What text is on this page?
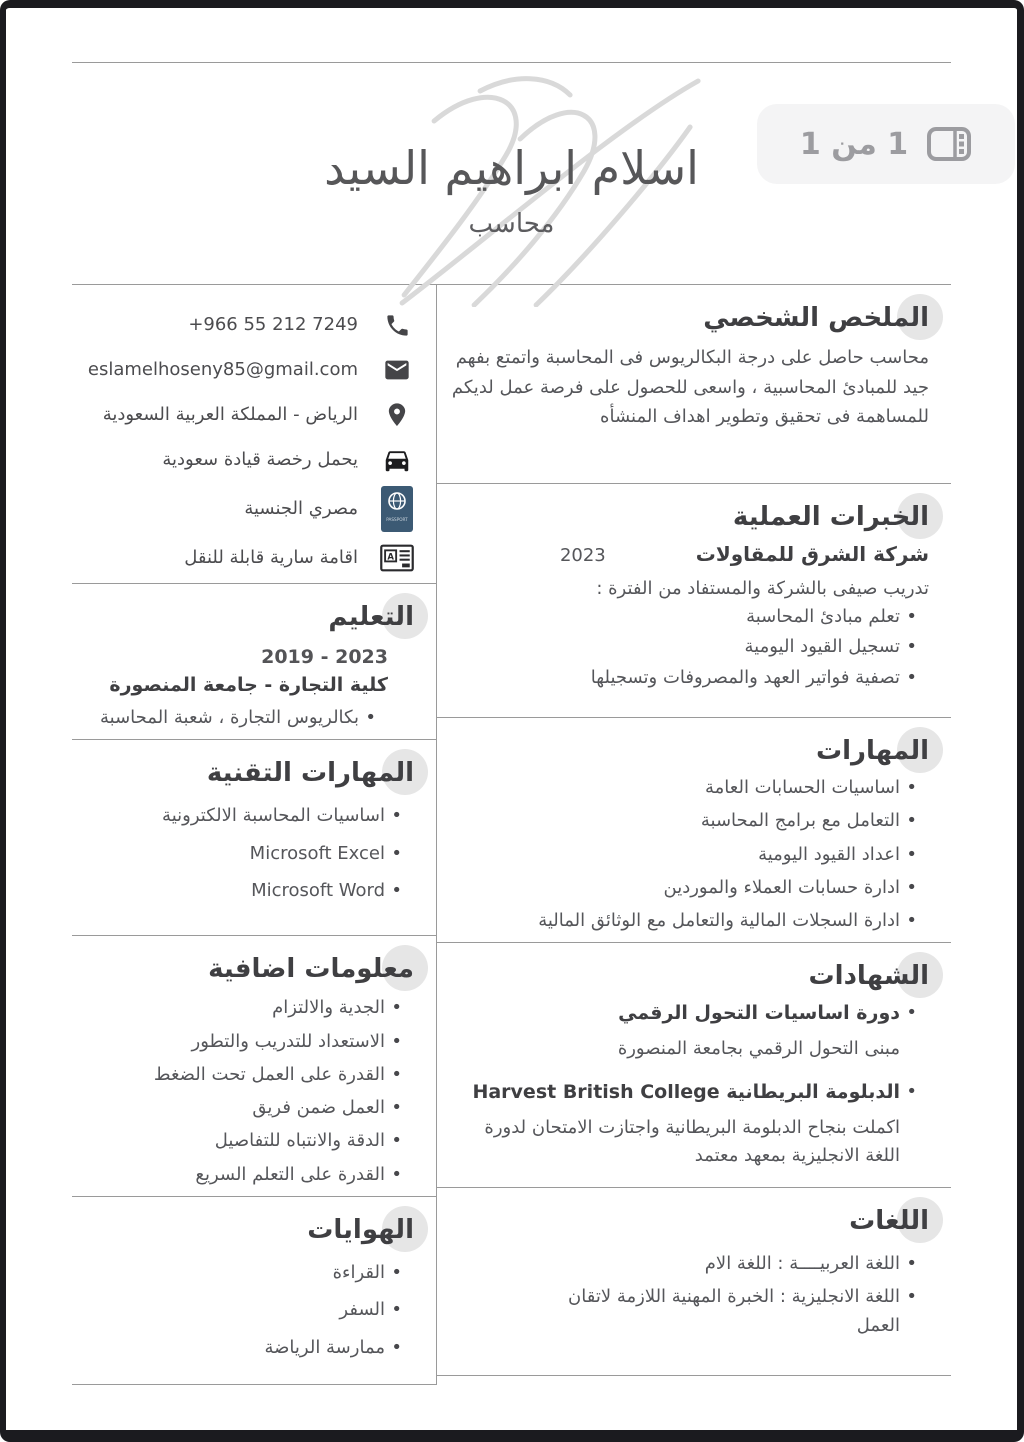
1 من 1
اسلام ابراهيم السيد
محاسب
الملخص الشخصي

محاسب حاصل على درجة البكالريوس فى المحاسبة واتمتع بفهم جيد للمبادئ المحاسبية ، واسعى للحصول على فرصة عمل لديكم للمساهمة فى تحقيق وتطوير اهداف المنشأه

الخبرات العملية
شركة الشرق للمقاولات
2023
تدريب صيفى بالشركة والمستفاد من الفترة :
• تعلم مبادئ المحاسبة
• تسجيل القيود اليومية
• تصفية فواتير العهد والمصروفات وتسجيلها
المهارات
• اساسيات الحسابات العامة
• التعامل مع برامج المحاسبة
• اعداد القيود اليومية
• ادارة حسابات العملاء والموردين
• ادارة السجلات المالية والتعامل مع الوثائق المالية
الشهادات
• دورة اساسيات التحول الرقمي
مبنى التحول الرقمي بجامعة المنصورة
• الدبلومة البريطانية Harvest British College
اكملت بنجاح الدبلومة البريطانية واجتازت الامتحان لدورة اللغة الانجليزية بمعهد معتمد
اللغات
• اللغة العربيــــة : اللغة الام
• اللغة الانجليزية : الخبرة المهنية اللازمة لاتقان العمل
+966 55 212 7249
eslamelhoseny85@gmail.com
الرياض - المملكة العربية السعودية
يحمل رخصة قيادة سعودية
PASSPORT
مصري الجنسية
A
اقامة سارية قابلة للنقل
التعليم
2019 - 2023
كلية التجارة - جامعة المنصورة
• بكالريوس التجارة ، شعبة المحاسبة
المهارات التقنية
• اساسيات المحاسبة الالكترونية
• Microsoft Excel
• Microsoft Word
معلومات اضافية
• الجدية والالتزام
• الاستعداد للتدريب والتطور
• القدرة على العمل تحت الضغط
• العمل ضمن فريق
• الدقة والانتباه للتفاصيل
• القدرة على التعلم السريع
الهوايات
• القراءة
• السفر
• ممارسة الرياضة
